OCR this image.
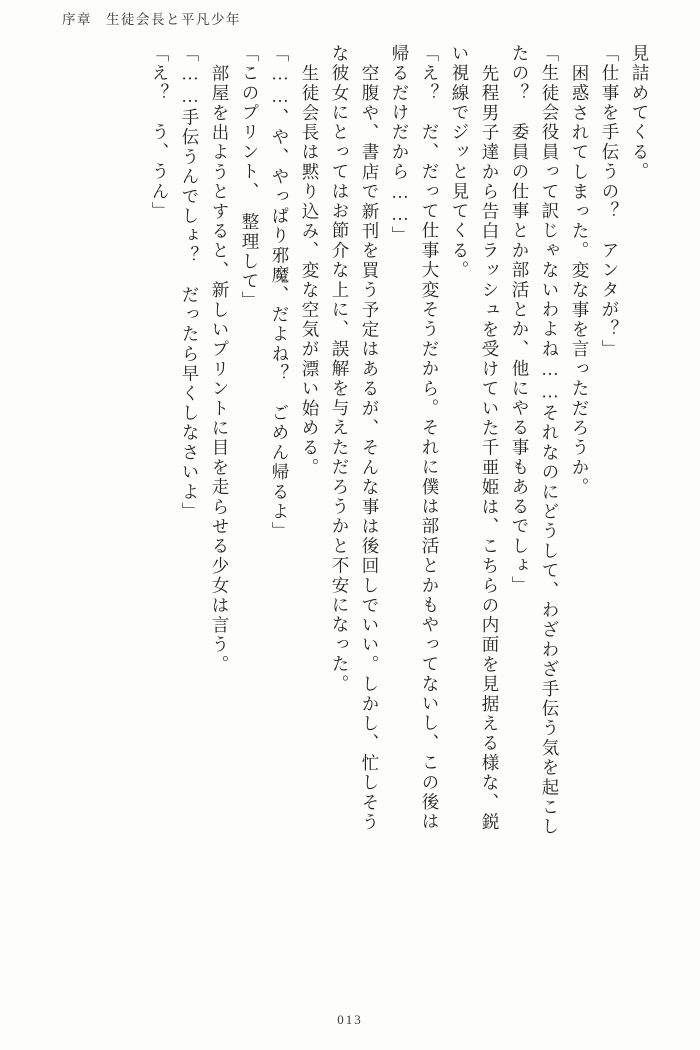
序章 生徒会長と平凡少年
見詰めてくる。
「仕事を手伝うの？　アンタが？」
困惑されてしまった。変な事を言っただろうか。
「生徒会役員って訳じゃないわよね……それなのにどうして、わざわざ手伝う気を起こし
たの？　委員の仕事とか部活とか、他にやる事もあるでしょ」
先程男子達から告白ラッシュを受けていた千亜姫は、こちらの内面を見据える様な、鋭
い視線でジッと見てくる。
「え？　だ、だって仕事大変そうだから。それに僕は部活とかもやってないし、この後は
帰るだけだから……」
空腹や、書店で新刊を買う予定はあるが、そんな事は後回しでいい。しかし、忙しそう
な彼女にとってはお節介な上に、誤解を与えただろうかと不安になった。
生徒会長は黙り込み、変な空気が漂い始める。
「……、や、やっぱり邪魔、だよね？　ごめん帰るよ」
「このプリント、　整理して」
部屋を出ようとすると、新しいプリントに目を走らせる少女は言う。
「……手伝うんでしょ？　だったら早くしなさいよ」
「え？　う、うん」
013
